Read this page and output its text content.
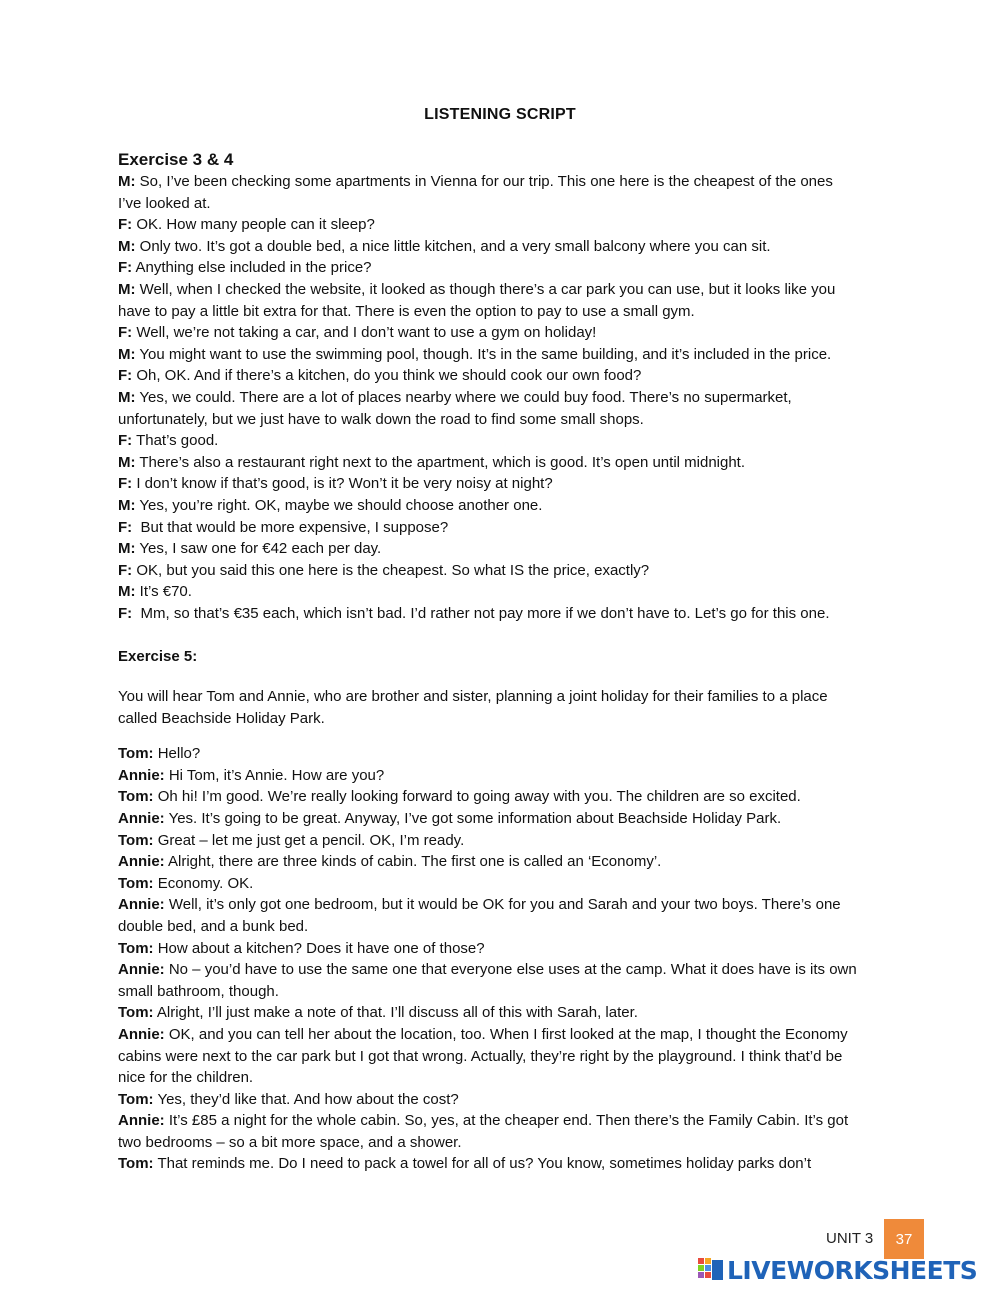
LISTENING SCRIPT
Exercise 3 & 4

M: So, I’ve been checking some apartments in Vienna for our trip. This one here is the cheapest of the ones

I’ve looked at.

F: OK. How many people can it sleep?

M: Only two. It’s got a double bed, a nice little kitchen, and a very small balcony where you can sit.

F: Anything else included in the price?

M: Well, when I checked the website, it looked as though there’s a car park you can use, but it looks like you

have to pay a little bit extra for that. There is even the option to pay to use a small gym.

F: Well, we’re not taking a car, and I don’t want to use a gym on holiday!

M: You might want to use the swimming pool, though. It’s in the same building, and it’s included in the price.

F: Oh, OK. And if there’s a kitchen, do you think we should cook our own food?

M: Yes, we could. There are a lot of places nearby where we could buy food. There’s no supermarket,

unfortunately, but we just have to walk down the road to find some small shops.

F: That’s good.

M: There’s also a restaurant right next to the apartment, which is good. It’s open until midnight.

F: I don’t know if that’s good, is it? Won’t it be very noisy at night?

M: Yes, you’re right. OK, maybe we should choose another one.

F:  But that would be more expensive, I suppose?

M: Yes, I saw one for €42 each per day.

F: OK, but you said this one here is the cheapest. So what IS the price, exactly?

M: It’s €70.

F:  Mm, so that’s €35 each, which isn’t bad. I’d rather not pay more if we don’t have to. Let’s go for this one.

Exercise 5:

You will hear Tom and Annie, who are brother and sister, planning a joint holiday for their families to a place

called Beachside Holiday Park.

Tom: Hello?

Annie: Hi Tom, it’s Annie. How are you?

Tom: Oh hi! I’m good. We’re really looking forward to going away with you. The children are so excited.

Annie: Yes. It’s going to be great. Anyway, I’ve got some information about Beachside Holiday Park.

Tom: Great – let me just get a pencil. OK, I’m ready.

Annie: Alright, there are three kinds of cabin. The first one is called an ‘Economy’.

Tom: Economy. OK.

Annie: Well, it’s only got one bedroom, but it would be OK for you and Sarah and your two boys. There’s one

double bed, and a bunk bed.

Tom: How about a kitchen? Does it have one of those?

Annie: No – you’d have to use the same one that everyone else uses at the camp. What it does have is its own

small bathroom, though.

Tom: Alright, I’ll just make a note of that. I’ll discuss all of this with Sarah, later.

Annie: OK, and you can tell her about the location, too. When I first looked at the map, I thought the Economy

cabins were next to the car park but I got that wrong. Actually, they’re right by the playground. I think that’d be

nice for the children.

Tom: Yes, they’d like that. And how about the cost?

Annie: It’s £85 a night for the whole cabin. So, yes, at the cheaper end. Then there’s the Family Cabin. It’s got

two bedrooms – so a bit more space, and a shower.

Tom: That reminds me. Do I need to pack a towel for all of us? You know, sometimes holiday parks don’t

UNIT 3	37
LIVEWORKSHEETS
